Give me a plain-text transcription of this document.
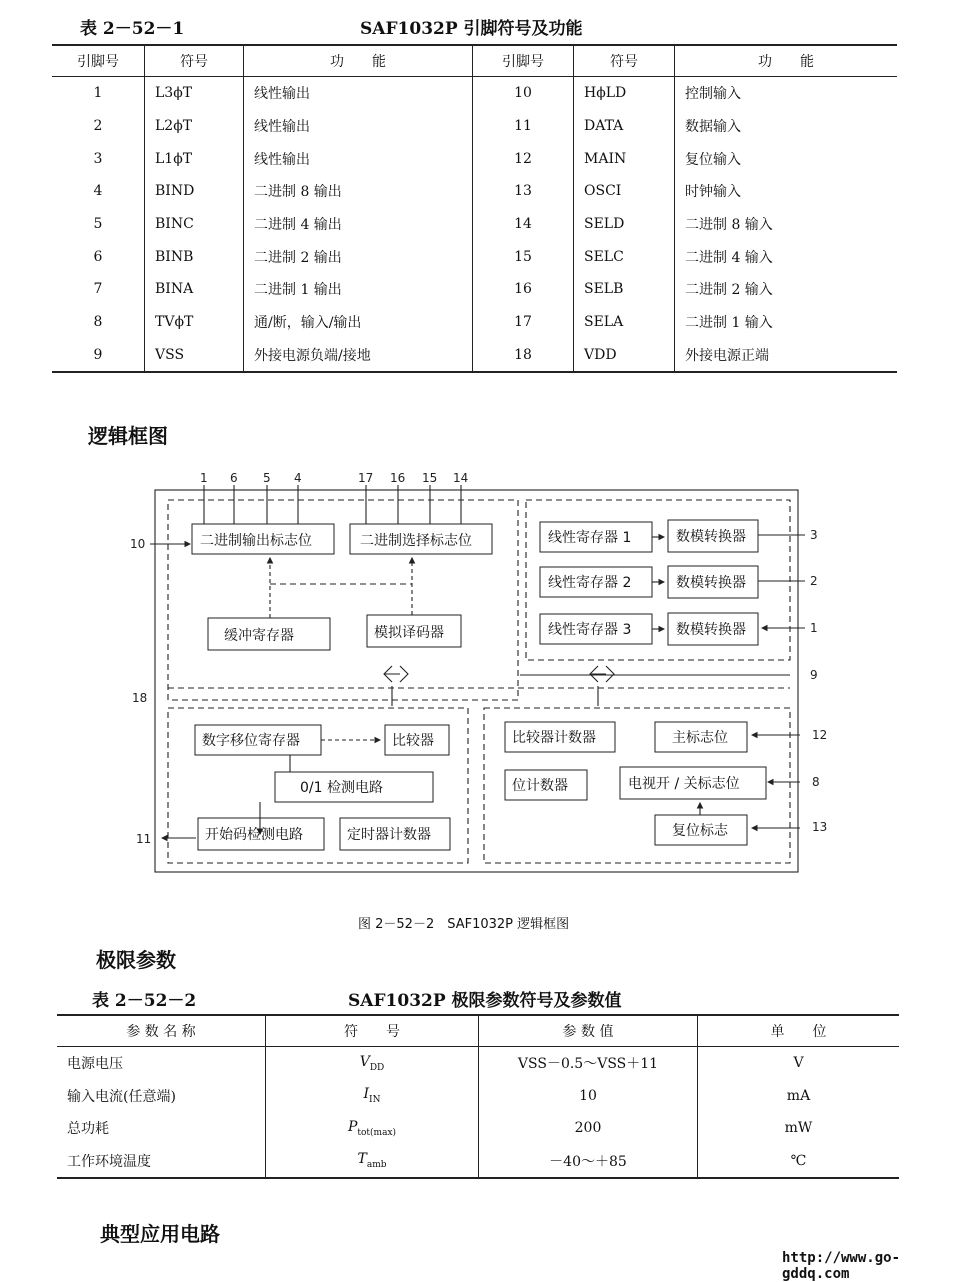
表 2－52－1	SAF1032P 引脚符号及功能
引脚号	符号	功　　能	引脚号	符号	功　　能
1	L3ϕT	线性输出	10	HϕLD	控制输入
2	L2ϕT	线性输出	11	DATA	数据输入
3	L1ϕT	线性输出	12	MAIN	复位输入
4	BIND	二进制 8 输出	13	OSCI	时钟输入
5	BINC	二进制 4 输出	14	SELD	二进制 8 输入
6	BINB	二进制 2 输出	15	SELC	二进制 4 输入
7	BINA	二进制 1 输出	16	SELB	二进制 2 输入
8	TVϕT	通/断，输入/输出	17	SELA	二进制 1 输入
9	VSS	外接电源负端/接地	18	VDD	外接电源正端
逻辑框图
1 6 5 4	17 16 15 14
10
18
11
3
2
1
9
12
8
13
二进制输出标志位	二进制选择标志位
缓冲寄存器	模拟译码器
线性寄存器 1
线性寄存器 2
线性寄存器 3
数模转换器
数模转换器
数模转换器
数字移位寄存器	比较器
0/1 检测电路
开始码检测电路	定时器计数器
比较器计数器
位计数器
主标志位
电视开 / 关标志位
复位标志
图 2－52－2　SAF1032P 逻辑框图
极限参数
表 2－52－2	SAF1032P 极限参数符号及参数值
参 数 名 称	符　　号	参 数 值	单　　位
电源电压	$V_{DD}$	VSS－0.5～VSS＋11	V
输入电流(任意端)	$I_{IN}$	10	mA
总功耗	$P_{tot(max)}$	200	mW
工作环境温度	$T_{amb}$	－40～＋85	℃
典型应用电路
http://www.go-gddq.com
